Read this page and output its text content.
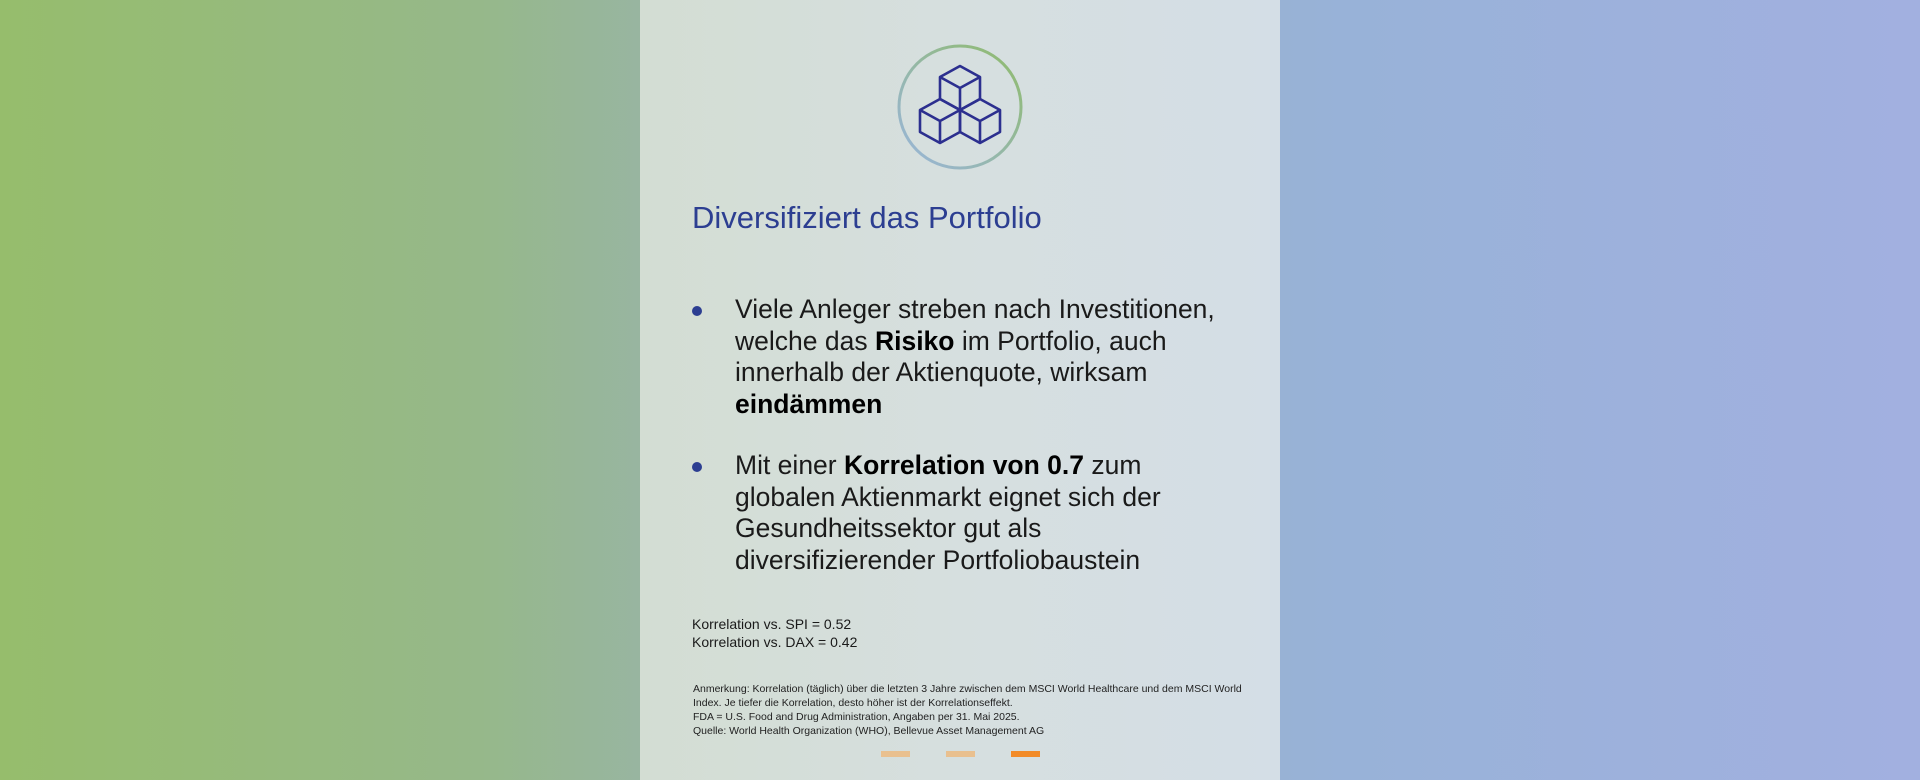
Diversifiziert das Portfolio
Viele Anleger streben nach Investitionen, welche das Risiko im Portfolio, auch innerhalb der Aktienquote, wirksam eindämmen
Mit einer Korrelation von 0.7 zum globalen Aktienmarkt eignet sich der Gesundheitssektor gut als diversifizierender Portfoliobaustein
Korrelation vs. SPI = 0.52
Korrelation vs. DAX = 0.42
Anmerkung: Korrelation (täglich) über die letzten 3 Jahre zwischen dem MSCI World Healthcare und dem MSCI World Index. Je tiefer die Korrelation, desto höher ist der Korrelationseffekt.
FDA = U.S. Food and Drug Administration, Angaben per 31. Mai 2025.
Quelle: World Health Organization (WHO), Bellevue Asset Management AG
